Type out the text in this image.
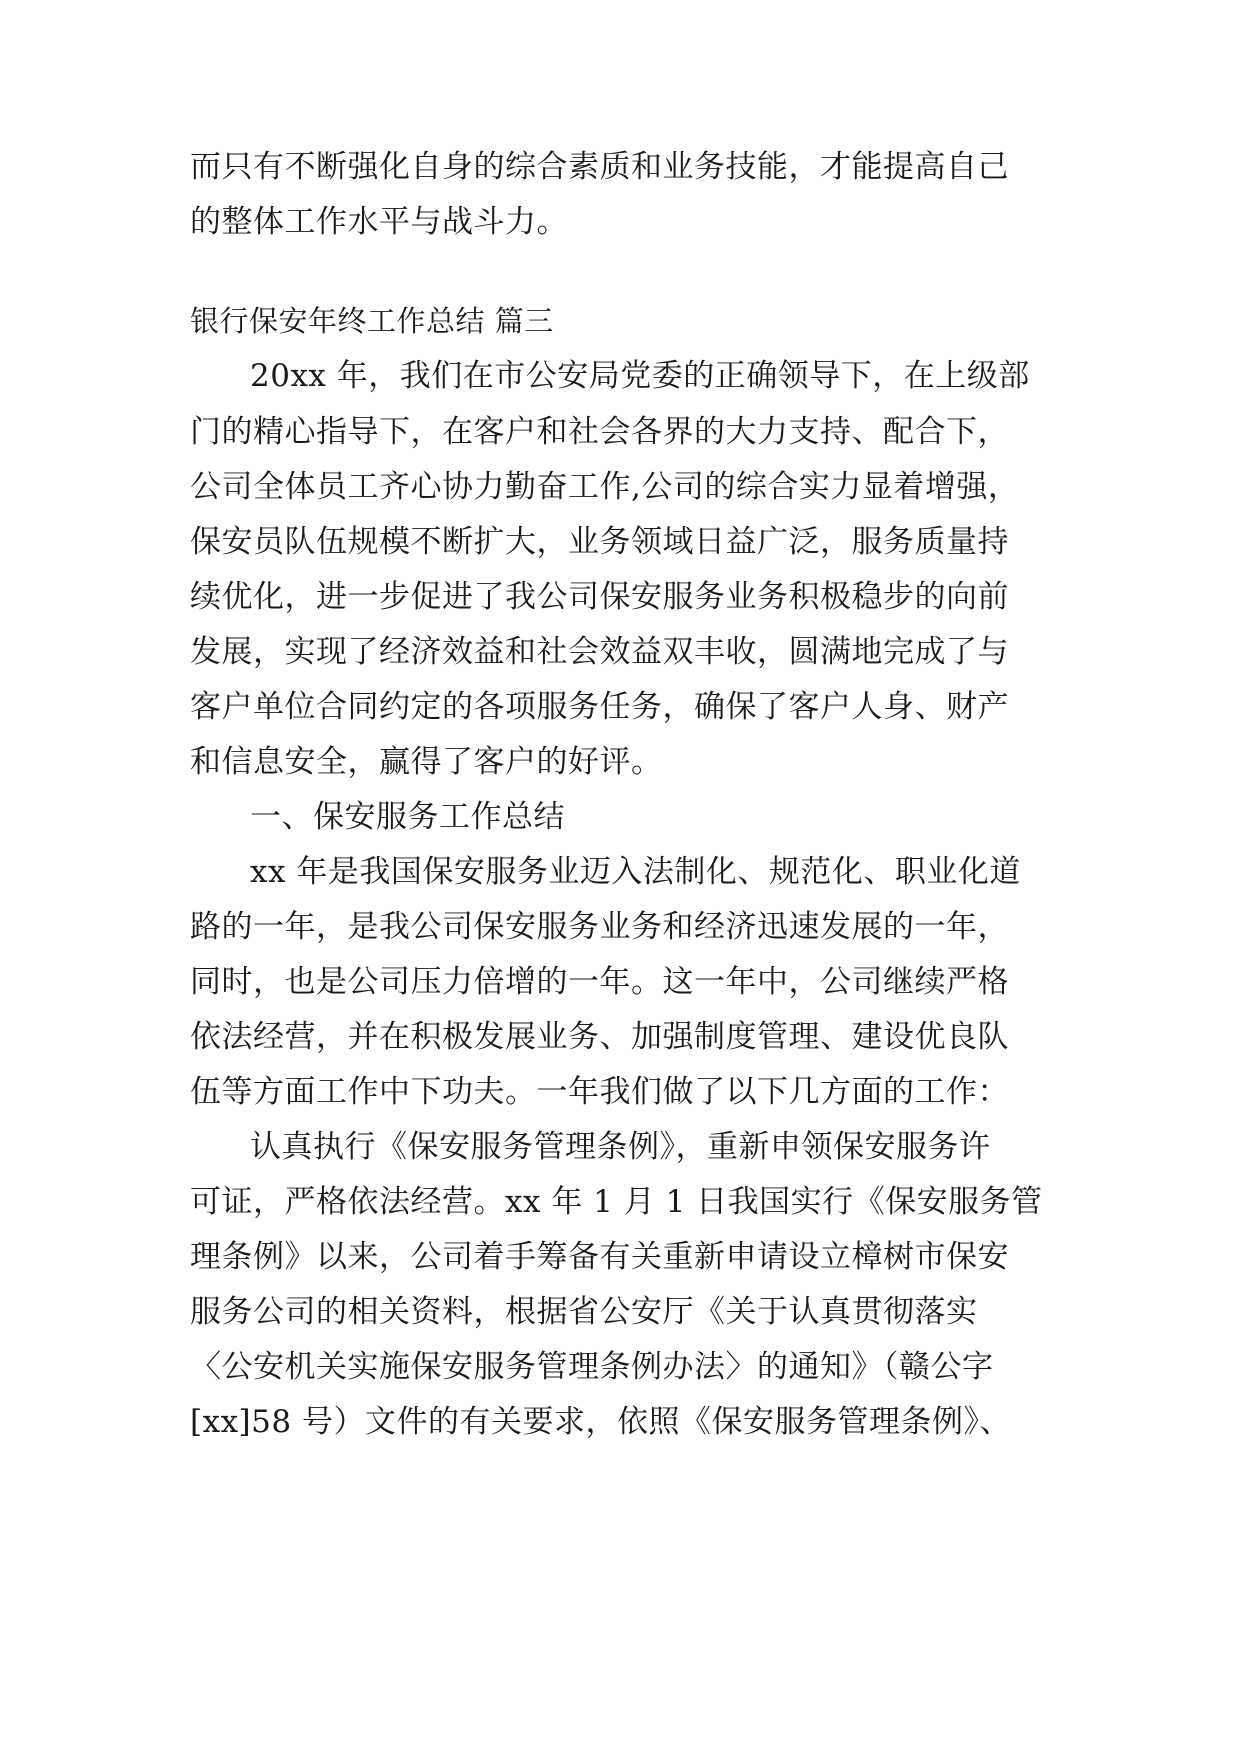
而只有不断强化自身的综合素质和业务技能，才能提高自己
的整体工作水平与战斗力。
银行保安年终工作总结 篇三
20xx 年，我们在市公安局党委的正确领导下，在上级部
门的精心指导下，在客户和社会各界的大力支持、配合下，
公司全体员工齐心协力勤奋工作,公司的综合实力显着增强，
保安员队伍规模不断扩大，业务领域日益广泛，服务质量持
续优化，进一步促进了我公司保安服务业务积极稳步的向前
发展，实现了经济效益和社会效益双丰收，圆满地完成了与
客户单位合同约定的各项服务任务，确保了客户人身、财产
和信息安全，赢得了客户的好评。
一、保安服务工作总结
xx 年是我国保安服务业迈入法制化、规范化、职业化道
路的一年，是我公司保安服务业务和经济迅速发展的一年，
同时，也是公司压力倍增的一年。这一年中，公司继续严格
依法经营，并在积极发展业务、加强制度管理、建设优良队
伍等方面工作中下功夫。一年我们做了以下几方面的工作：
认真执行《保安服务管理条例》，重新申领保安服务许
可证，严格依法经营。xx 年 1 月 1 日我国实行《保安服务管
理条例》以来，公司着手筹备有关重新申请设立樟树市保安
服务公司的相关资料，根据省公安厅《关于认真贯彻落实
〈公安机关实施保安服务管理条例办法〉的通知》（赣公字
[xx]58 号）文件的有关要求，依照《保安服务管理条例》、
